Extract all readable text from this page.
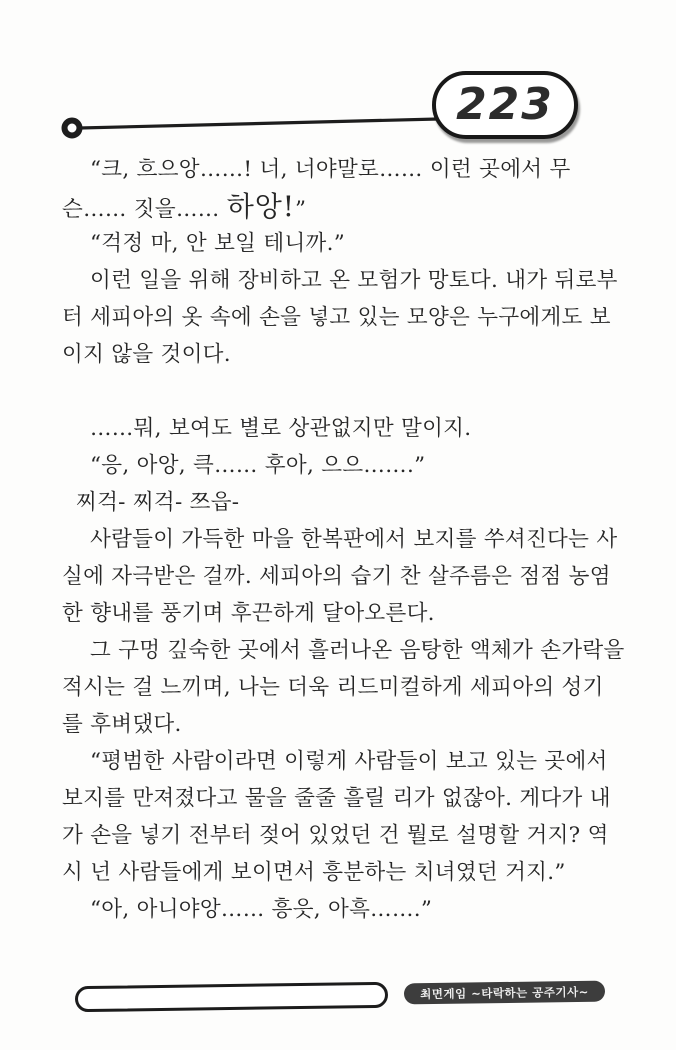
223
“크, 흐으앙……! 너, 너야말로…… 이런 곳에서 무
슨…… 짓을…… 하앙!”
“걱정 마, 안 보일 테니까.”
이런 일을 위해 장비하고 온 모험가 망토다. 내가 뒤로부
터 세피아의 옷 속에 손을 넣고 있는 모양은 누구에게도 보
이지 않을 것이다.
……뭐, 보여도 별로 상관없지만 말이지.
“응, 아앙, 큭…… 후아, 으으…….”
찌걱- 찌걱- 쯔읍-
사람들이 가득한 마을 한복판에서 보지를 쑤셔진다는 사
실에 자극받은 걸까. 세피아의 습기 찬 살주름은 점점 농염
한 향내를 풍기며 후끈하게 달아오른다.
그 구멍 깊숙한 곳에서 흘러나온 음탕한 액체가 손가락을
적시는 걸 느끼며, 나는 더욱 리드미컬하게 세피아의 성기
를 후벼댔다.
“평범한 사람이라면 이렇게 사람들이 보고 있는 곳에서
보지를 만져졌다고 물을 줄줄 흘릴 리가 없잖아. 게다가 내
가 손을 넣기 전부터 젖어 있었던 건 뭘로 설명할 거지? 역
시 넌 사람들에게 보이면서 흥분하는 치녀였던 거지.”
“아, 아니야앙…… 흥읏, 아흑…….”
최면게임 ~타락하는 공주기사~
